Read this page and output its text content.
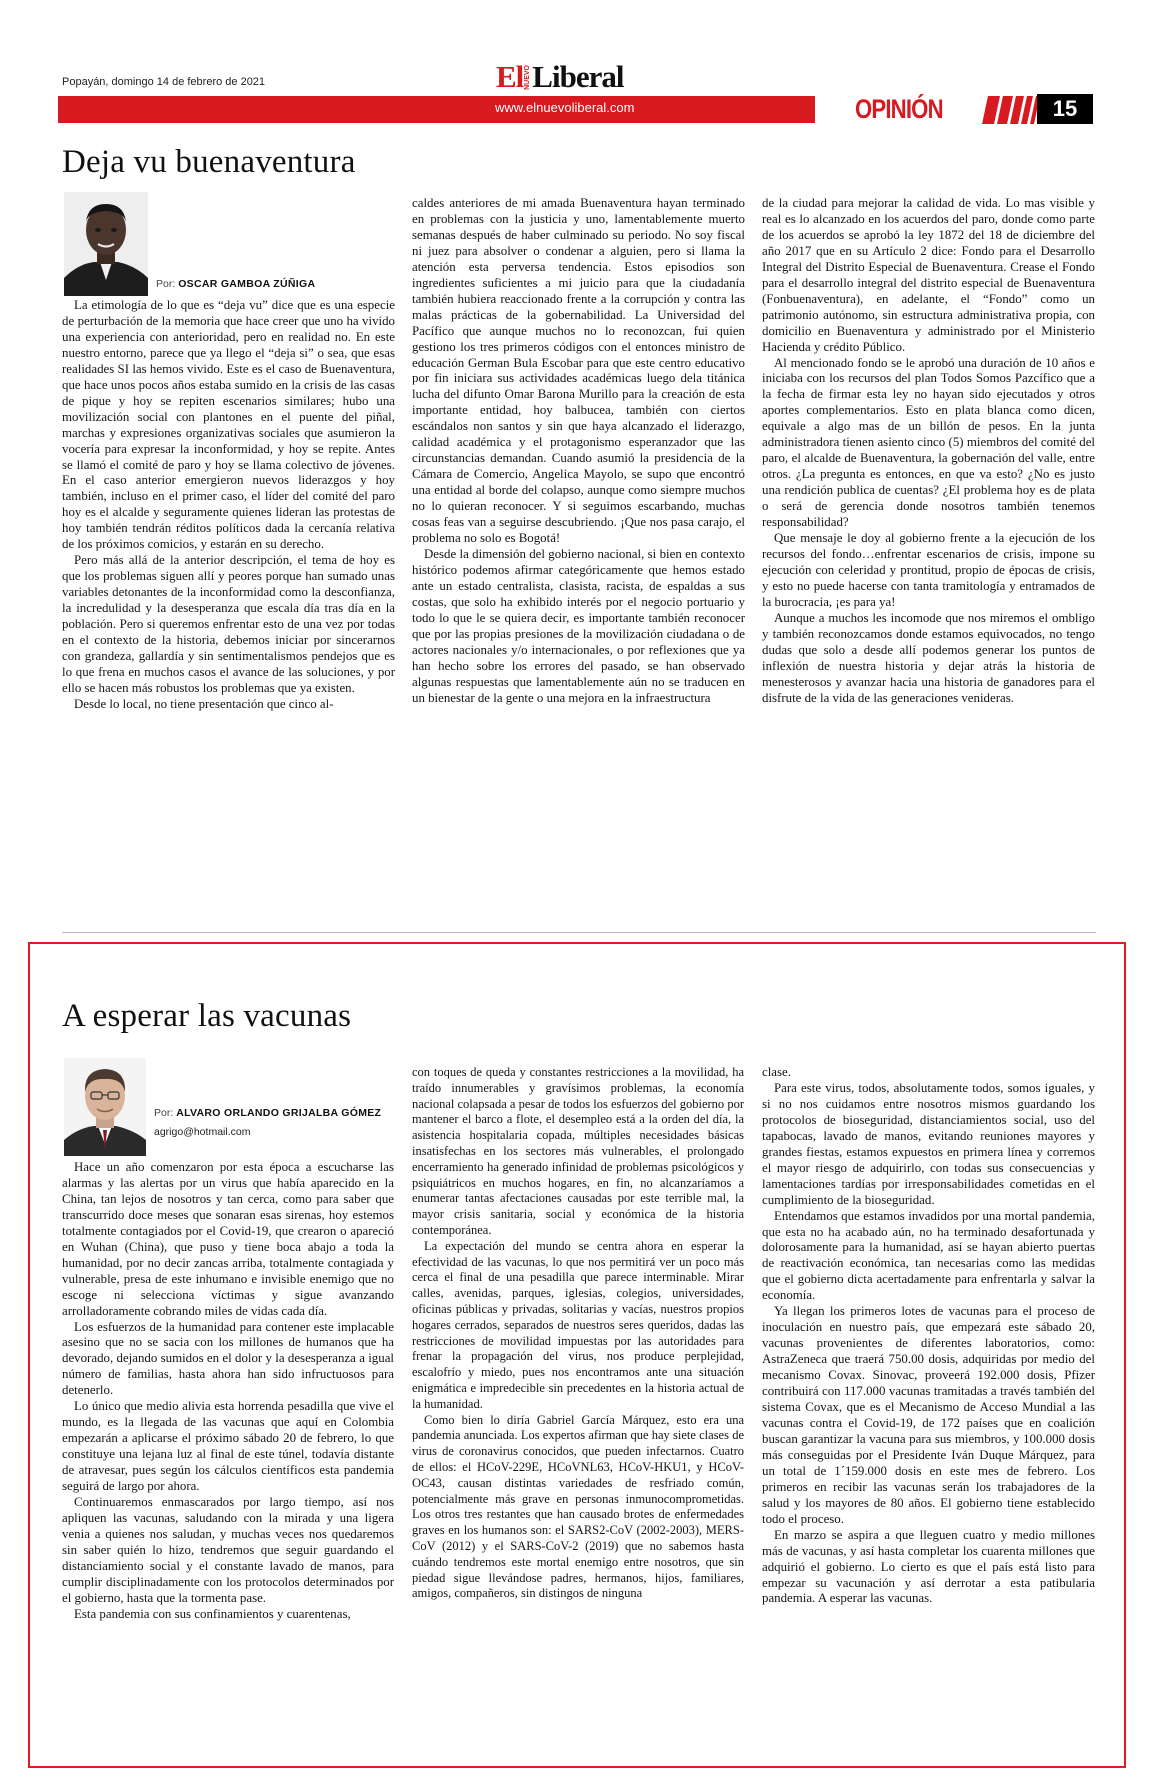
Popayán, domingo 14 de febrero de 2021	El NUEVO Liberal
www.elnuevoliberal.com	OPINIÓN	15
Deja vu buenaventura
Por: OSCAR GAMBOA ZÚÑIGA

La etimología de lo que es “deja vu” dice que es una especie de perturbación de la memoria que hace creer que uno ha vivido una experiencia con anterioridad, pero en realidad no. En este nuestro entorno, parece que ya llego el “deja si” o sea, que esas realidades SI las hemos vivido. Este es el caso de Buenaventura, que hace unos pocos años estaba sumido en la crisis de las casas de pique y hoy se repiten escenarios similares; hubo una movilización social con plantones en el puente del piñal, marchas y expresiones organizativas sociales que asumieron la vocería para expresar la inconformidad, y hoy se repite. Antes se llamó el comité de paro y hoy se llama colectivo de jóvenes. En el caso anterior emergieron nuevos liderazgos y hoy también, incluso en el primer caso, el líder del comité del paro hoy es el alcalde y seguramente quienes lideran las protestas de hoy también tendrán réditos políticos dada la cercanía relativa de los próximos comicios, y estarán en su derecho.

Pero más allá de la anterior descripción, el tema de hoy es que los problemas siguen allí y peores porque han sumado unas variables detonantes de la inconformidad como la desconfianza, la incredulidad y la desesperanza que escala día tras día en la población. Pero si queremos enfrentar esto de una vez por todas en el contexto de la historia, debemos iniciar por sincerarnos con grandeza, gallardía y sin sentimentalismos pendejos que es lo que frena en muchos casos el avance de las soluciones, y por ello se hacen más robustos los problemas que ya existen.

Desde lo local, no tiene presentación que cinco al-

caldes anteriores de mi amada Buenaventura hayan terminado en problemas con la justicia y uno, lamentablemente muerto semanas después de haber culminado su periodo. No soy fiscal ni juez para absolver o condenar a alguien, pero si llama la atención esta perversa tendencia. Estos episodios son ingredientes suficientes a mi juicio para que la ciudadanía también hubiera reaccionado frente a la corrupción y contra las malas prácticas de la gobernabilidad. La Universidad del Pacífico que aunque muchos no lo reconozcan, fui quien gestiono los tres primeros códigos con el entonces ministro de educación German Bula Escobar para que este centro educativo por fin iniciara sus actividades académicas luego dela titánica lucha del difunto Omar Barona Murillo para la creación de esta importante entidad, hoy balbucea, también con ciertos escándalos non santos y sin que haya alcanzado el liderazgo, calidad académica y el protagonismo esperanzador que las circunstancias demandan. Cuando asumió la presidencia de la Cámara de Comercio, Angelica Mayolo, se supo que encontró una entidad al borde del colapso, aunque como siempre muchos no lo quieran reconocer. Y si seguimos escarbando, muchas cosas feas van a seguirse descubriendo. ¡Que nos pasa carajo, el problema no solo es Bogotá!

Desde la dimensión del gobierno nacional, si bien en contexto histórico podemos afirmar categóricamente que hemos estado ante un estado centralista, clasista, racista, de espaldas a sus costas, que solo ha exhibido interés por el negocio portuario y todo lo que le se quiera decir, es importante también reconocer que por las propias presiones de la movilización ciudadana o de actores nacionales y/o internacionales, o por reflexiones que ya han hecho sobre los errores del pasado, se han observado algunas respuestas que lamentablemente aún no se traducen en un bienestar de la gente o una mejora en la infraestructura

de la ciudad para mejorar la calidad de vida. Lo mas visible y real es lo alcanzado en los acuerdos del paro, donde como parte de los acuerdos se aprobó la ley 1872 del 18 de diciembre del año 2017 que en su Artículo 2 dice: Fondo para el Desarrollo Integral del Distrito Especial de Buenaventura. Crease el Fondo para el desarrollo integral del distrito especial de Buenaventura (Fonbuenaventura), en adelante, el “Fondo” como un patrimonio autónomo, sin estructura administrativa propia, con domicilio en Buenaventura y administrado por el Ministerio Hacienda y crédito Público.

Al mencionado fondo se le aprobó una duración de 10 años e iniciaba con los recursos del plan Todos Somos Pazcífico que a la fecha de firmar esta ley no hayan sido ejecutados y otros aportes complementarios. Esto en plata blanca como dicen, equivale a algo mas de un billón de pesos. En la junta administradora tienen asiento cinco (5) miembros del comité del paro, el alcalde de Buenaventura, la gobernación del valle, entre otros. ¿La pregunta es entonces, en que va esto? ¿No es justo una rendición publica de cuentas? ¿El problema hoy es de plata o será de gerencia donde nosotros también tenemos responsabilidad?

Que mensaje le doy al gobierno frente a la ejecución de los recursos del fondo…enfrentar escenarios de crisis, impone su ejecución con celeridad y prontitud, propio de épocas de crisis, y esto no puede hacerse con tanta tramitología y entramados de la burocracia, ¡es para ya!

Aunque a muchos les incomode que nos miremos el ombligo y también reconozcamos donde estamos equivocados, no tengo dudas que solo a desde allí podemos generar los puntos de inflexión de nuestra historia y dejar atrás la historia de menesterosos y avanzar hacia una historia de ganadores para el disfrute de la vida de las generaciones venideras.

A esperar las vacunas
Por: ALVARO ORLANDO GRIJALBA GÓMEZ
agrigo@hotmail.com

Hace un año comenzaron por esta época a escucharse las alarmas y las alertas por un virus que había aparecido en la China, tan lejos de nosotros y tan cerca, como para saber que transcurrido doce meses que sonaran esas sirenas, hoy estemos totalmente contagiados por el Covid-19, que crearon o apareció en Wuhan (China), que puso y tiene boca abajo a toda la humanidad, por no decir zancas arriba, totalmente contagiada y vulnerable, presa de este inhumano e invisible enemigo que no escoge ni selecciona víctimas y sigue avanzando arrolladoramente cobrando miles de vidas cada día.

Los esfuerzos de la humanidad para contener este implacable asesino que no se sacia con los millones de humanos que ha devorado, dejando sumidos en el dolor y la desesperanza a igual número de familias, hasta ahora han sido infructuosos para detenerlo.

Lo único que medio alivia esta horrenda pesadilla que vive el mundo, es la llegada de las vacunas que aquí en Colombia empezarán a aplicarse el próximo sábado 20 de febrero, lo que constituye una lejana luz al final de este túnel, todavía distante de atravesar, pues según los cálculos científicos esta pandemia seguirá de largo por ahora.

Continuaremos enmascarados por largo tiempo, así nos apliquen las vacunas, saludando con la mirada y una ligera venia a quienes nos saludan, y muchas veces nos quedaremos sin saber quién lo hizo, tendremos que seguir guardando el distanciamiento social y el constante lavado de manos, para cumplir disciplinadamente con los protocolos determinados por el gobierno, hasta que la tormenta pase.

Esta pandemia con sus confinamientos y cuarentenas,

con toques de queda y constantes restricciones a la movilidad, ha traído innumerables y gravísimos problemas, la economía nacional colapsada a pesar de todos los esfuerzos del gobierno por mantener el barco a flote, el desempleo está a la orden del día, la asistencia hospitalaria copada, múltiples necesidades básicas insatisfechas en los sectores más vulnerables, el prolongado encerramiento ha generado infinidad de problemas psicológicos y psiquiátricos en muchos hogares, en fin, no alcanzaríamos a enumerar tantas afectaciones causadas por este terrible mal, la mayor crisis sanitaria, social y económica de la historia contemporánea.

La expectación del mundo se centra ahora en esperar la efectividad de las vacunas, lo que nos permitirá ver un poco más cerca el final de una pesadilla que parece interminable. Mirar calles, avenidas, parques, iglesias, colegios, universidades, oficinas públicas y privadas, solitarias y vacías, nuestros propios hogares cerrados, separados de nuestros seres queridos, dadas las restricciones de movilidad impuestas por las autoridades para frenar la propagación del virus, nos produce perplejidad, escalofrío y miedo, pues nos encontramos ante una situación enigmática e impredecible sin precedentes en la historia actual de la humanidad.

Como bien lo diría Gabriel García Márquez, esto era una pandemia anunciada. Los expertos afirman que hay siete clases de virus de coronavirus conocidos, que pueden infectarnos. Cuatro de ellos: el HCoV-229E, HCoVNL63, HCoV-HKU1, y HCoV-OC43, causan distintas variedades de resfriado común, potencialmente más grave en personas inmunocomprometidas. Los otros tres restantes que han causado brotes de enfermedades graves en los humanos son: el SARS2-CoV (2002-2003), MERS-CoV (2012) y el SARS-CoV-2 (2019) que no sabemos hasta cuándo tendremos este mortal enemigo entre nosotros, que sin piedad sigue llevándose padres, hermanos, hijos, familiares, amigos, compañeros, sin distingos de ninguna

clase.

Para este virus, todos, absolutamente todos, somos iguales, y si no nos cuidamos entre nosotros mismos guardando los protocolos de bioseguridad, distanciamientos social, uso del tapabocas, lavado de manos, evitando reuniones mayores y grandes fiestas, estamos expuestos en primera línea y corremos el mayor riesgo de adquirirlo, con todas sus consecuencias y lamentaciones tardías por irresponsabilidades cometidas en el cumplimiento de la bioseguridad.

Entendamos que estamos invadidos por una mortal pandemia, que esta no ha acabado aún, no ha terminado desafortunada y dolorosamente para la humanidad, así se hayan abierto puertas de reactivación económica, tan necesarias como las medidas que el gobierno dicta acertadamente para enfrentarla y salvar la economía.

Ya llegan los primeros lotes de vacunas para el proceso de inoculación en nuestro país, que empezará este sábado 20, vacunas provenientes de diferentes laboratorios, como: AstraZeneca que traerá 750.00 dosis, adquiridas por medio del mecanismo Covax. Sinovac, proveerá 192.000 dosis, Pfizer contribuirá con 117.000 vacunas tramitadas a través también del sistema Covax, que es el Mecanismo de Acceso Mundial a las vacunas contra el Covid-19, de 172 países que en coalición buscan garantizar la vacuna para sus miembros, y 100.000 dosis más conseguidas por el Presidente Iván Duque Márquez, para un total de 1´159.000 dosis en este mes de febrero. Los primeros en recibir las vacunas serán los trabajadores de la salud y los mayores de 80 años. El gobierno tiene establecido todo el proceso.

En marzo se aspira a que lleguen cuatro y medio millones más de vacunas, y así hasta completar los cuarenta millones que adquirió el gobierno. Lo cierto es que el país está listo para empezar su vacunación y así derrotar a esta patibularia pandemia. A esperar las vacunas.
